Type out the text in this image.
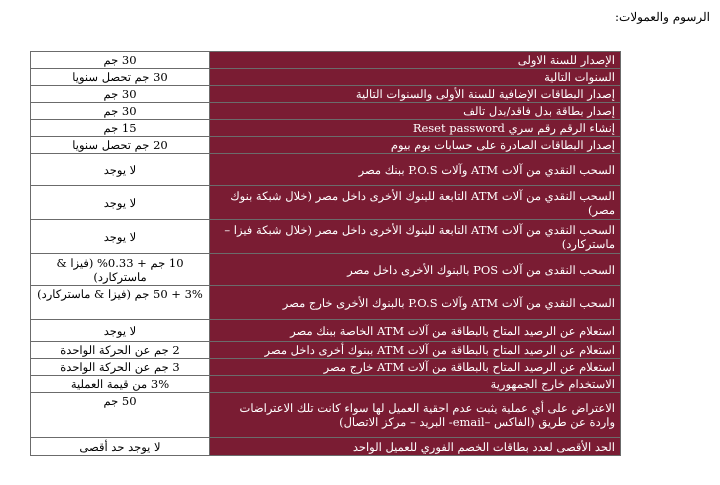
الرسوم والعمولات:
الإصدار للسنة الاولى	30 جم
السنوات التالية	30 جم تحصل سنويا
إصدار البطاقات الإضافية للسنة الأولى والسنوات التالية	30 جم
إصدار بطاقة بدل فاقد/بدل تالف	30 جم
إنشاء الرقم رقم سري Reset password	15 جم
إصدار البطاقات الصادرة على حسابات يوم بيوم	20 جم تحصل سنويا
السحب النقدي من آلات ATM وآلات P.O.S ببنك مصر	لا يوجد
السحب النقدي من آلات ATM التابعة للبنوك الأخرى داخل مصر (خلال شبكة بنوك مصر)	لا يوجد
السحب النقدي من آلات ATM التابعة للبنوك الأخرى داخل مصر (خلال شبكة فيزا – ماستركارد)	لا يوجد
السحب النقدى من آلات POS بالبنوك الأخرى داخل مصر	10 جم + 0.33% (فيزا & ماستركارد)
السحب النقدي من آلات ATM وآلات P.O.S بالبنوك الأخرى خارج مصر	3% + 50 جم (فيزا & ماستركارد)
استعلام عن الرصيد المتاح بالبطاقة من آلات ATM الخاصة ببنك مصر	لا يوجد
استعلام عن الرصيد المتاح بالبطاقة من آلات ATM ببنوك أخرى داخل مصر	2 جم عن الحركة الواحدة
استعلام عن الرصيد المتاح بالبطاقة من آلات ATM خارج مصر	3 جم عن الحركة الواحدة
الاستخدام خارج الجمهورية	3% من قيمة العملية
الاعتراض على أي عملية يثبت عدم احقية العميل لها سواء كانت تلك الاعتراضات واردة عن طريق (الفاكس –email- البريد – مركز الاتصال)	50 جم
الحد الأقصى لعدد بطاقات الخصم الفوري للعميل الواحد	لا يوجد حد أقصى
